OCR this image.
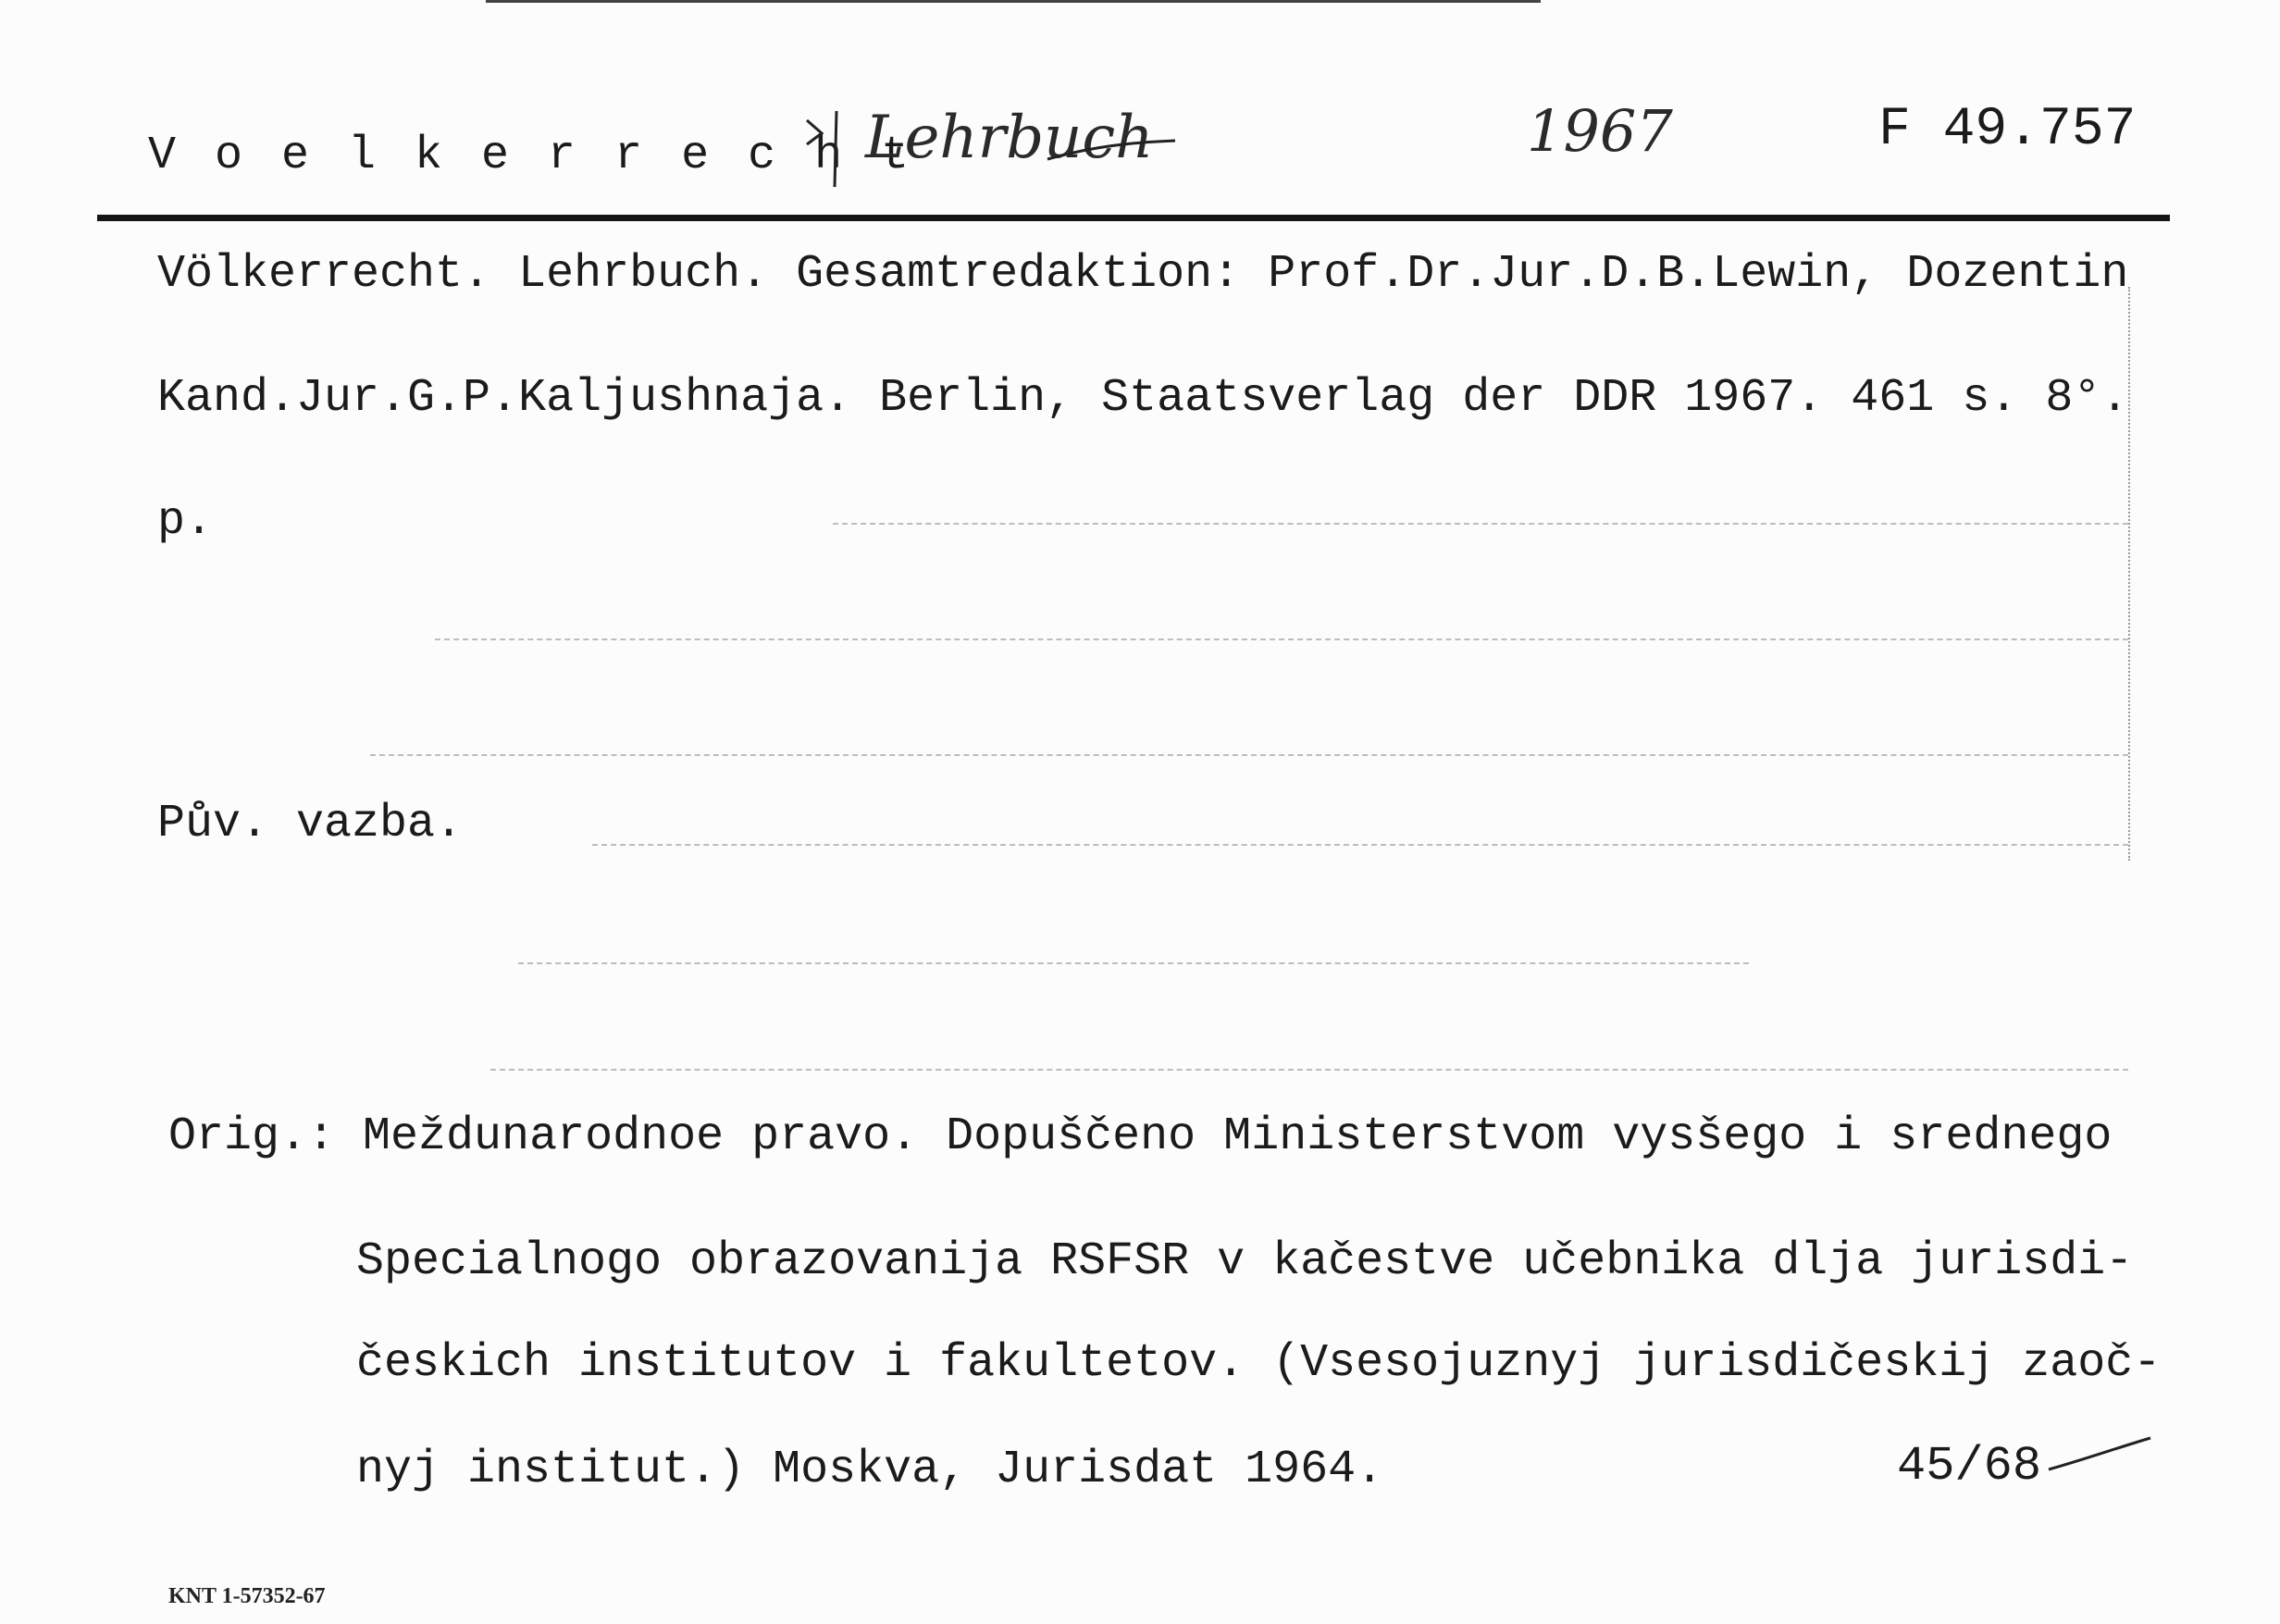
V o e l k e r r e c h t
Lehrbuch	1967	F 49.757
Völkerrecht. Lehrbuch. Gesamtredaktion: Prof.Dr.Jur.D.B.Lewin, Dozentin
Kand.Jur.G.P.Kaljushnaja. Berlin, Staatsverlag der DDR 1967. 461 s. 8°.
p.
Pův. vazba.
Orig.: Meždunarodnoe pravo. Dopuščeno Ministerstvom vysšego i srednego
Specialnogo obrazovanija RSFSR v kačestve učebnika dlja jurisdi-
českich institutov i fakultetov. (Vsesojuznyj jurisdičeskij zaoč-
nyj institut.) Moskva, Jurisdat 1964.	45/68
KNT 1-57352-67
